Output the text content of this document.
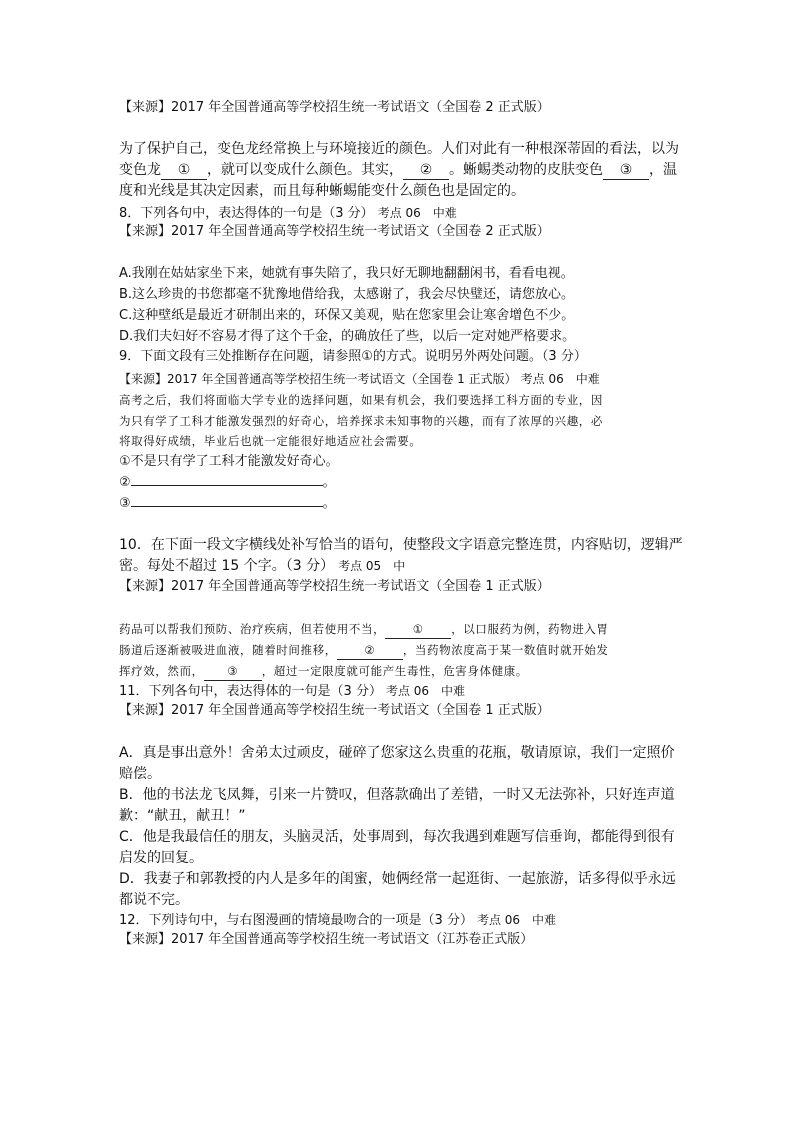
【来源】2017 年全国普通高等学校招生统一考试语文（全国卷 2 正式版）
为了保护自己，变色龙经常换上与环境接近的颜色。人们对此有一种根深蒂固的看法，以为
变色龙 ① ，就可以变成什么颜色。其实， ② 。蜥蜴类动物的皮肤变色 ③ ，温
度和光线是其决定因素，而且每种蜥蜴能变什么颜色也是固定的。
8．下列各句中，表达得体的一句是（3 分） 考点 06　中难
【来源】2017 年全国普通高等学校招生统一考试语文（全国卷 2 正式版）
A.我刚在姑姑家坐下来，她就有事失陪了，我只好无聊地翻翻闲书，看看电视。
B.这么珍贵的书您都毫不犹豫地借给我，太感谢了，我会尽快璧还，请您放心。
C.这种壁纸是最近才研制出来的，环保又美观，贴在您家里会让寒舍增色不少。
D.我们夫妇好不容易才得了这个千金，的确放任了些，以后一定对她严格要求。
9．下面文段有三处推断存在问题，请参照①的方式。说明另外两处问题。（3 分）
【来源】2017 年全国普通高等学校招生统一考试语文（全国卷 1 正式版） 考点 06　中难
高考之后，我们将面临大学专业的选择问题，如果有机会，我们要选择工科方面的专业，因
为只有学了工科才能激发强烈的好奇心，培养探求未知事物的兴趣，而有了浓厚的兴趣，必
将取得好成绩，毕业后也就一定能很好地适应社会需要。
①不是只有学了工科才能激发好奇心。
②	。
③	。
10．在下面一段文字横线处补写恰当的语句，使整段文字语意完整连贯，内容贴切，逻辑严
密。每处不超过 15 个字。（3 分） 考点 05　中
【来源】2017 年全国普通高等学校招生统一考试语文（全国卷 1 正式版）
药品可以帮我们预防、治疗疾病，但若使用不当， ① ，以口服药为例，药物进入胃
肠道后逐渐被吸进血液，随着时间推移， ② ，当药物浓度高于某一数值时就开始发
挥疗效，然而， ③ ，超过一定限度就可能产生毒性，危害身体健康。
11．下列各句中，表达得体的一句是（3 分） 考点 06　中难
【来源】2017 年全国普通高等学校招生统一考试语文（全国卷 1 正式版）
A．真是事出意外！舍弟太过顽皮，碰碎了您家这么贵重的花瓶，敬请原谅，我们一定照价
赔偿。
B．他的书法龙飞凤舞，引来一片赞叹，但落款确出了差错，一时又无法弥补，只好连声道
歉：“献丑，献丑！”
C．他是我最信任的朋友，头脑灵活，处事周到，每次我遇到难题写信垂询，都能得到很有
启发的回复。
D．我妻子和郭教授的内人是多年的闺蜜，她俩经常一起逛街、一起旅游，话多得似乎永远
都说不完。
12．下列诗句中，与右图漫画的情境最吻合的一项是（3 分） 考点 06　中难
【来源】2017 年全国普通高等学校招生统一考试语文（江苏卷正式版）
